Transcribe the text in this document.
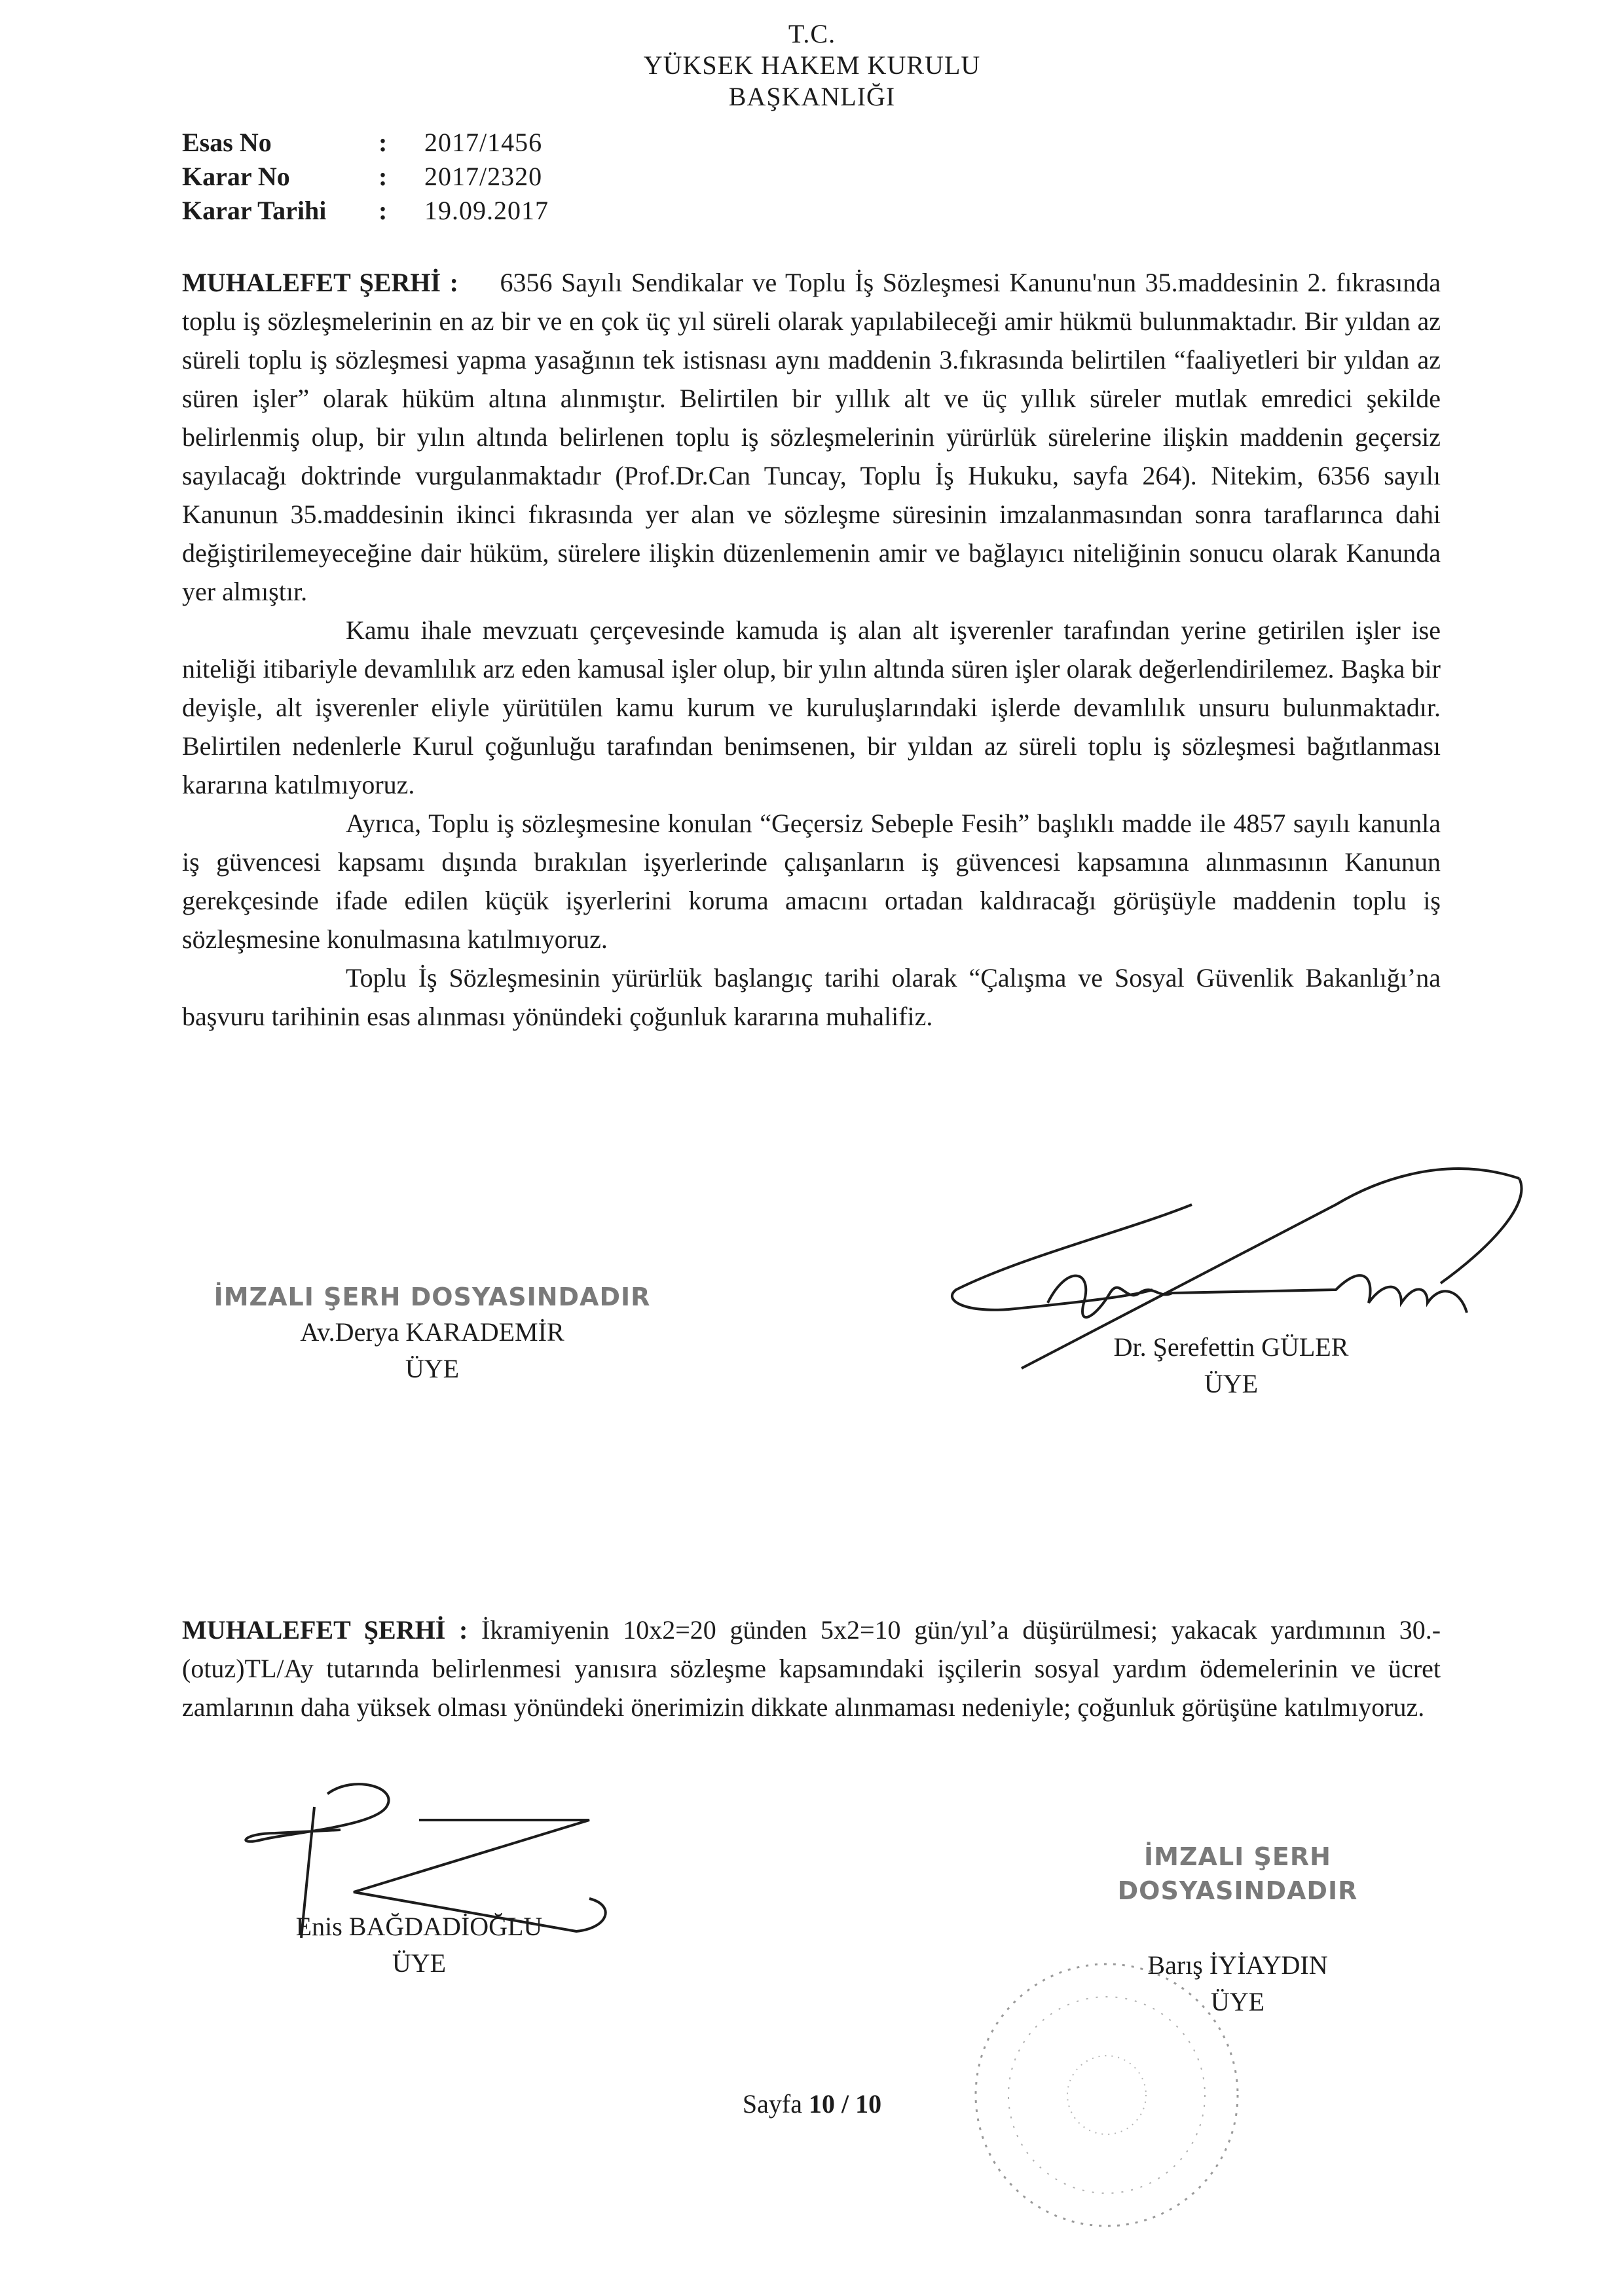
T.C.
YÜKSEK HAKEM KURULU
BAŞKANLIĞI
Esas No	:	2017/1456
Karar No	:	2017/2320
Karar Tarihi	:	19.09.2017

MUHALEFET ŞERHİ : 6356 Sayılı Sendikalar ve Toplu İş Sözleşmesi Kanunu'nun 35.maddesinin 2. fıkrasında toplu iş sözleşmelerinin en az bir ve en çok üç yıl süreli olarak yapılabileceği amir hükmü bulunmaktadır. Bir yıldan az süreli toplu iş sözleşmesi yapma yasağının tek istisnası aynı maddenin 3.fıkrasında belirtilen “faaliyetleri bir yıldan az süren işler” olarak hüküm altına alınmıştır. Belirtilen bir yıllık alt ve üç yıllık süreler mutlak emredici şekilde belirlenmiş olup, bir yılın altında belirlenen toplu iş sözleşmelerinin yürürlük sürelerine ilişkin maddenin geçersiz sayılacağı doktrinde vurgulanmaktadır (Prof.Dr.Can Tuncay, Toplu İş Hukuku, sayfa 264). Nitekim, 6356 sayılı Kanunun 35.maddesinin ikinci fıkrasında yer alan ve sözleşme süresinin imzalanmasından sonra taraflarınca dahi değiştirilemeyeceğine dair hüküm, sürelere ilişkin düzenlemenin amir ve bağlayıcı niteliğinin sonucu olarak Kanunda yer almıştır.

Kamu ihale mevzuatı çerçevesinde kamuda iş alan alt işverenler tarafından yerine getirilen işler ise niteliği itibariyle devamlılık arz eden kamusal işler olup, bir yılın altında süren işler olarak değerlendirilemez. Başka bir deyişle, alt işverenler eliyle yürütülen kamu kurum ve kuruluşlarındaki işlerde devamlılık unsuru bulunmaktadır. Belirtilen nedenlerle Kurul çoğunluğu tarafından benimsenen, bir yıldan az süreli toplu iş sözleşmesi bağıtlanması kararına katılmıyoruz.

Ayrıca, Toplu iş sözleşmesine konulan “Geçersiz Sebeple Fesih” başlıklı madde ile 4857 sayılı kanunla iş güvencesi kapsamı dışında bırakılan işyerlerinde çalışanların iş güvencesi kapsamına alınmasının Kanunun gerekçesinde ifade edilen küçük işyerlerini koruma amacını ortadan kaldıracağı görüşüyle maddenin toplu iş sözleşmesine konulmasına katılmıyoruz.

Toplu İş Sözleşmesinin yürürlük başlangıç tarihi olarak “Çalışma ve Sosyal Güvenlik Bakanlığı’na başvuru tarihinin esas alınması yönündeki çoğunluk kararına muhalifiz.

İMZALI ŞERH DOSYASINDADIR
Av.Derya KARADEMİR
ÜYE
Dr. Şerefettin GÜLER
ÜYE

MUHALEFET ŞERHİ : İkramiyenin 10x2=20 günden 5x2=10 gün/yıl’a düşürülmesi; yakacak yardımının 30.-(otuz)TL/Ay tutarında belirlenmesi yanısıra sözleşme kapsamındaki işçilerin sosyal yardım ödemelerinin ve ücret zamlarının daha yüksek olması yönündeki önerimizin dikkate alınmaması nedeniyle; çoğunluk görüşüne katılmıyoruz.

Enis BAĞDADİOĞLU
ÜYE
İMZALI ŞERH DOSYASINDADIR
Barış İYİAYDIN
ÜYE
Sayfa 10 / 10
